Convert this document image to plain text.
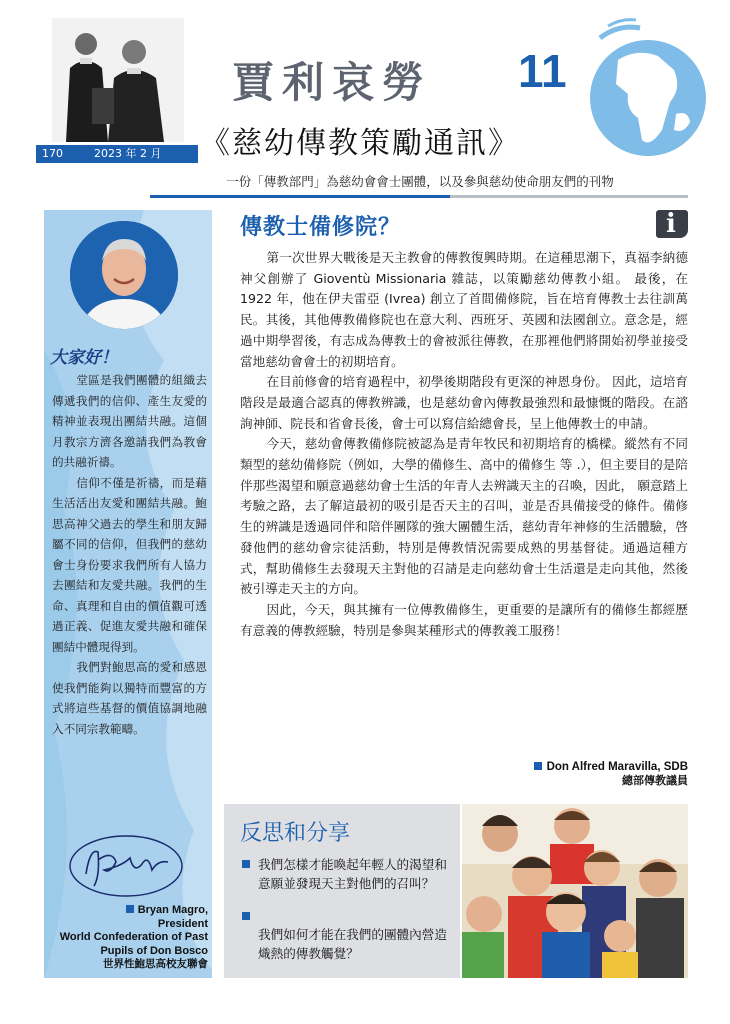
170	2023 年 2 月
賈利哀勞 11
《慈幼傳教策勵通訊》
一份「傳教部門」為慈幼會會士團體，以及參與慈幼使命朋友們的刊物
大家好！

堂區是我們團體的組織去傳遞我們的信仰、產生友愛的精神並表現出團結共融。這個月教宗方濟各邀請我們為教會的共融祈禱。

信仰不僅是祈禱，而是藉生活活出友愛和團結共融。鮑思高神父過去的學生和朋友歸屬不同的信仰，但我們的慈幼會士身份要求我們所有人協力去團結和友愛共融。我們的生命、真理和自由的價值觀可透過正義、促進友愛共融和確保團結中體現得到。

我們對鮑思高的愛和感恩使我們能夠以獨特而豐富的方式將這些基督的價值協調地融入不同宗教範疇。

Bryan Magro,
President
World Confederation of Past
Pupils of Don Bosco
世界性鮑思高校友聯會
傳教士備修院？
i

第一次世界大戰後是天主教會的傳教復興時期。在這種思潮下，真福李納德神父創辦了 Gioventù Missionaria 雜誌，以策勵慈幼傳教小組。 最後，在 1922 年，他在伊夫雷亞 (Ivrea) 創立了首間備修院，旨在培育傳教士去往訓萬民。其後，其他傳教備修院也在意大利、西班牙、英國和法國創立。意念是，經過中期學習後，有志成為傳教士的會被派往傳教，在那裡他們將開始初學並接受當地慈幼會會士的初期培育。

在目前修會的培育過程中，初學後期階段有更深的神恩身份。 因此，這培育階段是最適合認真的傳教辨識，也是慈幼會內傳教最強烈和最慷慨的階段。在諮詢神師、院長和省會長後，會士可以寫信給總會長，呈上他傳教士的申請。

今天，慈幼會傳教備修院被認為是青年牧民和初期培育的橋樑。縱然有不同類型的慈幼備修院（例如，大學的備修生、高中的備修生 等 .），但主要目的是陪伴那些渴望和願意過慈幼會士生活的年青人去辨識天主的召喚，因此， 願意踏上考驗之路，去了解這最初的吸引是否天主的召叫，並是否具備接受的條件。備修生的辨識是透過同伴和陪伴團隊的強大團體生活，慈幼青年神修的生活體驗，啓發他們的慈幼會宗徒活動，特別是傳教情況需要成熟的男基督徒。通過這種方式，幫助備修生去發現天主對他的召請是走向慈幼會士生活還是走向其他，然後被引導走天主的方向。

因此，今天，與其擁有一位傳教備修生，更重要的是讓所有的備修生都經歷有意義的傳教經驗，特別是參與某種形式的傳教義工服務！

Don Alfred Maravilla, SDB
總部傳教議員
反思和分享
我們怎樣才能喚起年輕人的渴望和意願並發現天主對他們的召叫？
我們如何才能在我們的團體內營造熾熱的傳教觸覺？
